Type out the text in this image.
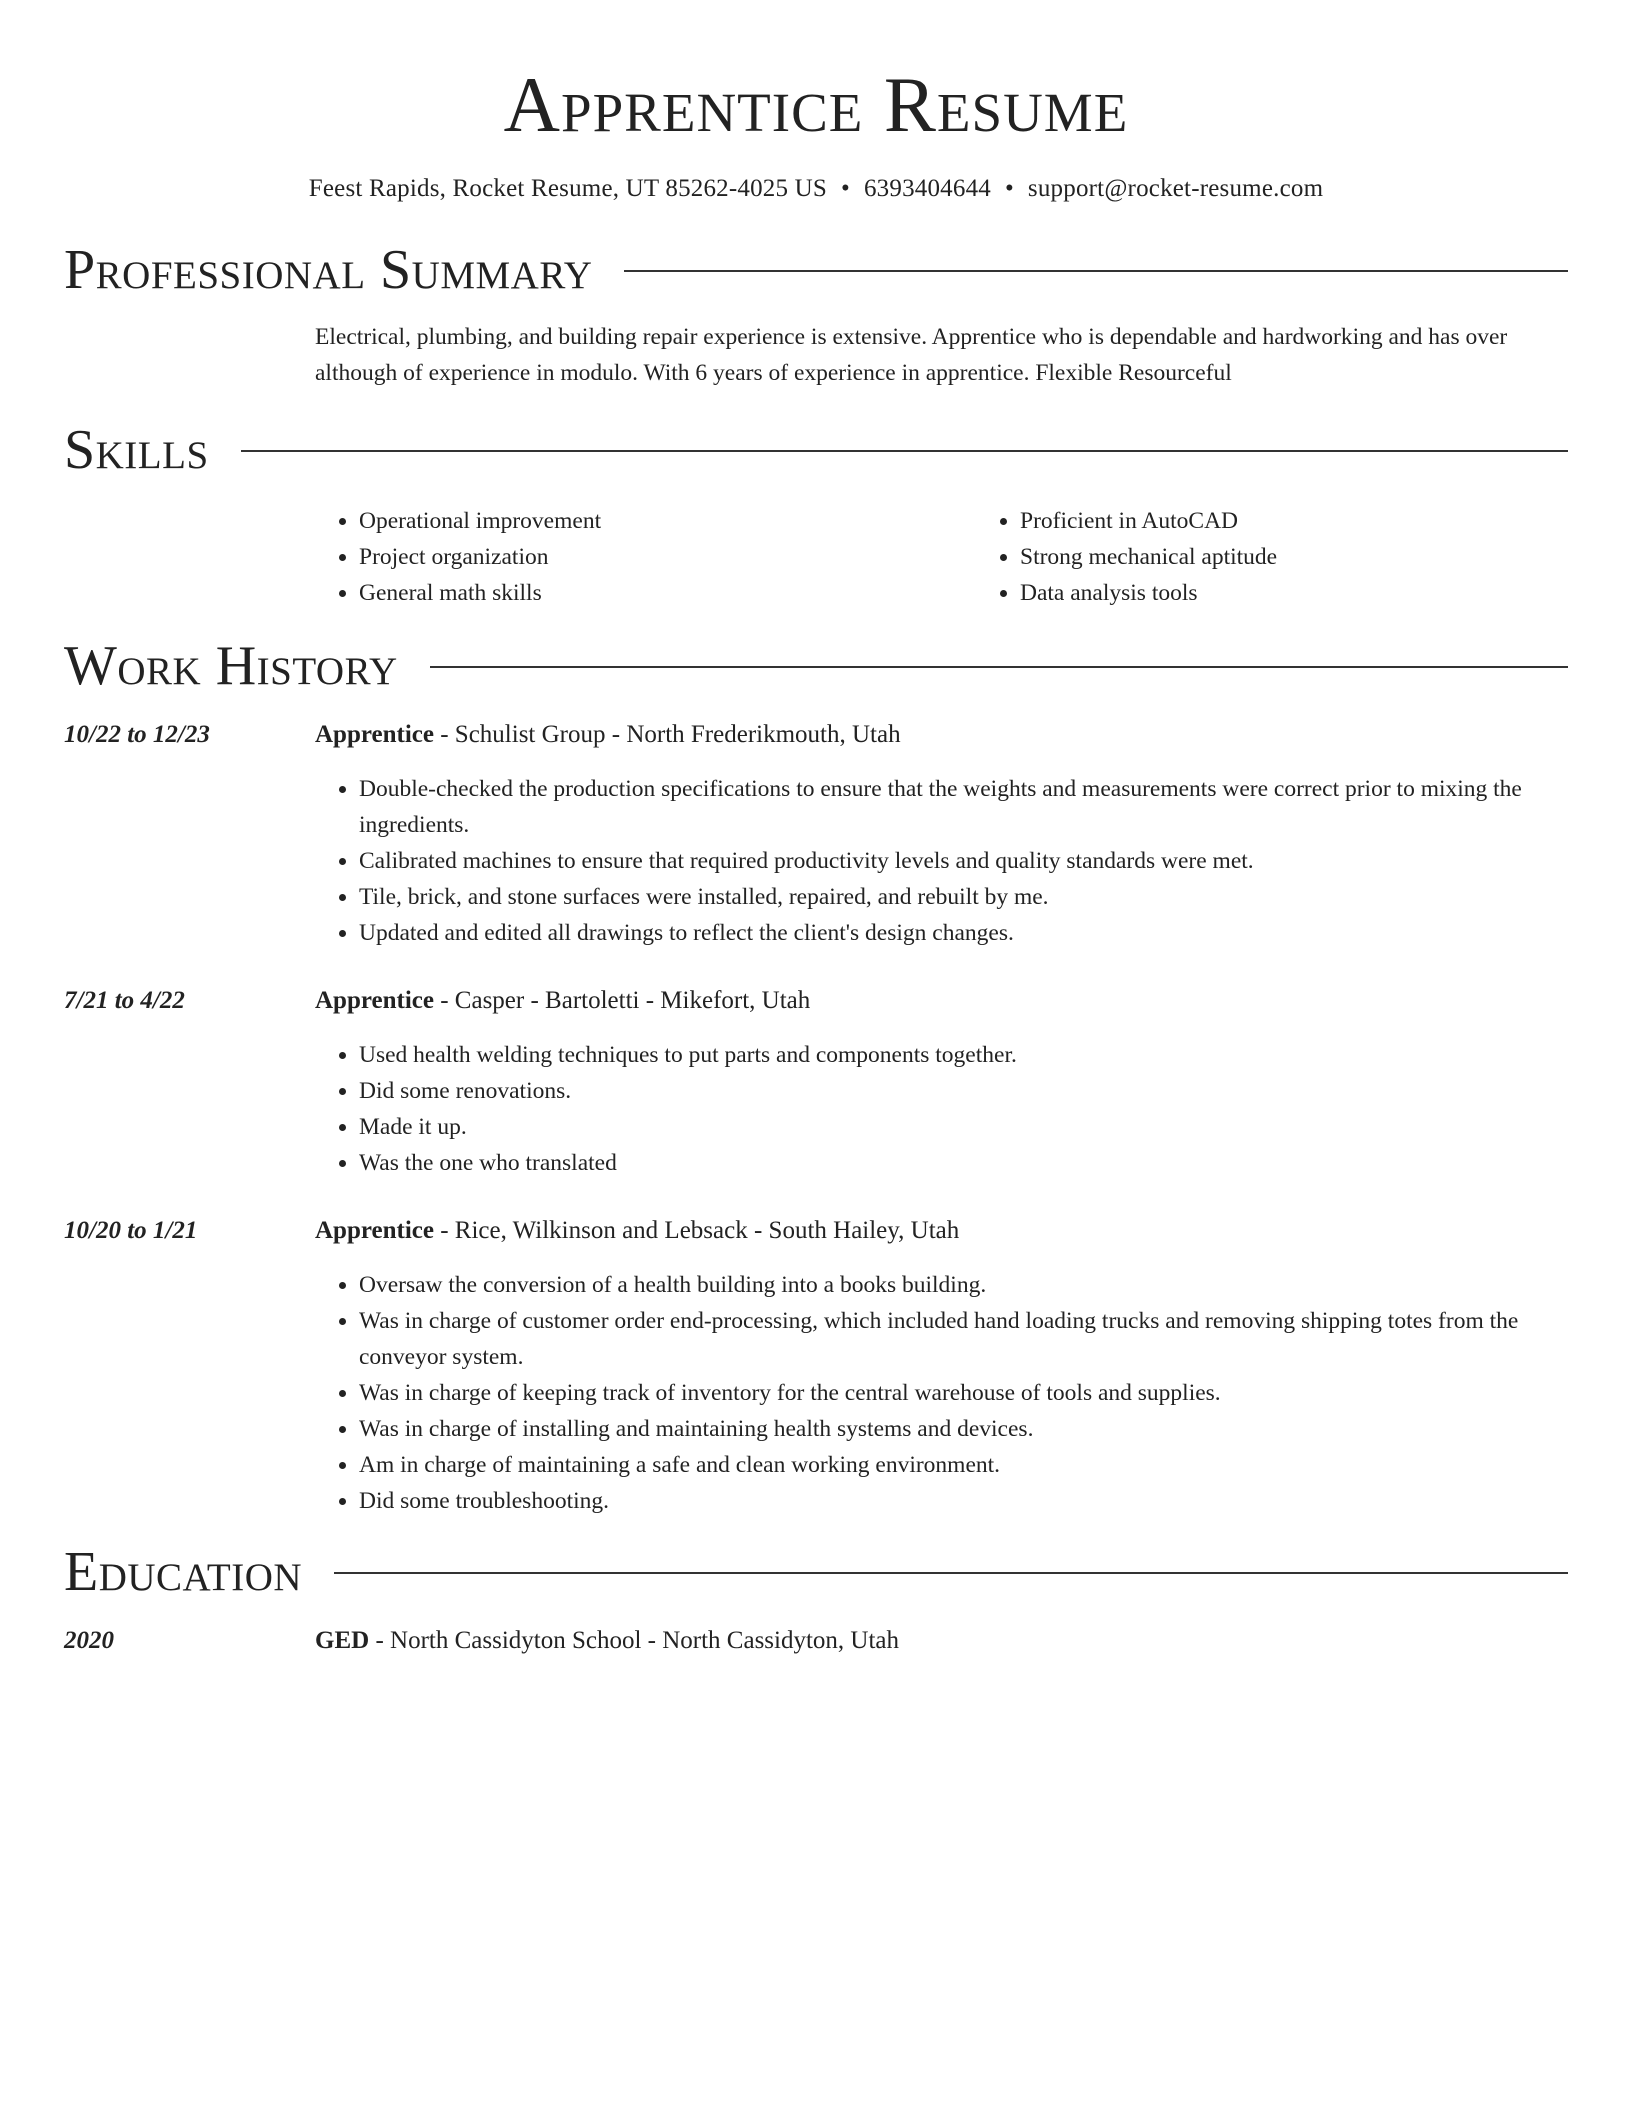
Apprentice Resume
Feest Rapids, Rocket Resume, UT 85262-4025 US • 6393404644 • support@rocket-resume.com
Professional Summary
Electrical, plumbing, and building repair experience is extensive. Apprentice who is dependable and hardworking and has over although of experience in modulo. With 6 years of experience in apprentice. Flexible Resourceful
Skills
• Operational improvement
• Project organization
• General math skills
• Proficient in AutoCAD
• Strong mechanical aptitude
• Data analysis tools
Work History
10/22 to 12/23	Apprentice - Schulist Group - North Frederikmouth, Utah
• Double-checked the production specifications to ensure that the weights and measurements were correct prior to mixing the ingredients.
• Calibrated machines to ensure that required productivity levels and quality standards were met.
• Tile, brick, and stone surfaces were installed, repaired, and rebuilt by me.
• Updated and edited all drawings to reflect the client's design changes.
7/21 to 4/22	Apprentice - Casper - Bartoletti - Mikefort, Utah
• Used health welding techniques to put parts and components together.
• Did some renovations.
• Made it up.
• Was the one who translated
10/20 to 1/21	Apprentice - Rice, Wilkinson and Lebsack - South Hailey, Utah
• Oversaw the conversion of a health building into a books building.
• Was in charge of customer order end-processing, which included hand loading trucks and removing shipping totes from the conveyor system.
• Was in charge of keeping track of inventory for the central warehouse of tools and supplies.
• Was in charge of installing and maintaining health systems and devices.
• Am in charge of maintaining a safe and clean working environment.
• Did some troubleshooting.
Education
2020	GED - North Cassidyton School - North Cassidyton, Utah
